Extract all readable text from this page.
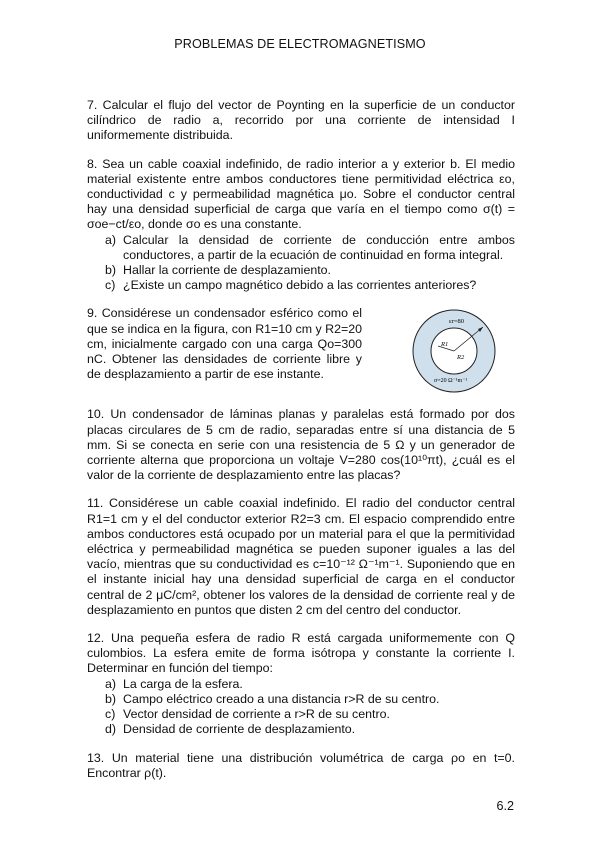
PROBLEMAS DE ELECTROMAGNETISMO

7. Calcular el flujo del vector de Poynting en la superficie de un conductor cilíndrico de radio a, recorrido por una corriente de intensidad I uniformemente distribuida.

8. Sea un cable coaxial indefinido, de radio interior a y exterior b. El medio material existente entre ambos conductores tiene permitividad eléctrica εo, conductividad c y permeabilidad magnética μo. Sobre el conductor central hay una densidad superficial de carga que varía en el tiempo como σ(t) = σoe−ct/εo, donde σo es una constante.

a) Calcular la densidad de corriente de conducción entre ambos conductores, a partir de la ecuación de continuidad en forma integral.
b) Hallar la corriente de desplazamiento.
c) ¿Existe un campo magnético debido a las corrientes anteriores?

9. Considérese un condensador esférico como el que se indica en la figura, con R1=10 cm y R2=20 cm, inicialmente cargado con una carga Qo=300 nC. Obtener las densidades de corriente libre y de desplazamiento a partir de ese instante.

εr=80
R1
R2
σ=20 Ω⁻¹m⁻¹

10. Un condensador de láminas planas y paralelas está formado por dos placas circulares de 5 cm de radio, separadas entre sí una distancia de 5 mm. Si se conecta en serie con una resistencia de 5 Ω y un generador de corriente alterna que proporciona un voltaje V=280 cos(10¹⁰πt), ¿cuál es el valor de la corriente de desplazamiento entre las placas?

11. Considérese un cable coaxial indefinido. El radio del conductor central R1=1 cm y el del conductor exterior R2=3 cm. El espacio comprendido entre ambos conductores está ocupado por un material para el que la permitividad eléctrica y permeabilidad magnética se pueden suponer iguales a las del vacío, mientras que su conductividad es c=10⁻¹² Ω⁻¹m⁻¹. Suponiendo que en el instante inicial hay una densidad superficial de carga en el conductor central de 2 μC/cm², obtener los valores de la densidad de corriente real y de desplazamiento en puntos que disten 2 cm del centro del conductor.

12. Una pequeña esfera de radio R está cargada uniformemente con Q culombios. La esfera emite de forma isótropa y constante la corriente I. Determinar en función del tiempo:

a) La carga de la esfera.
b) Campo eléctrico creado a una distancia r>R de su centro.
c) Vector densidad de corriente a r>R de su centro.
d) Densidad de corriente de desplazamiento.

13. Un material tiene una distribución volumétrica de carga ρo en t=0. Encontrar ρ(t).

6.2
